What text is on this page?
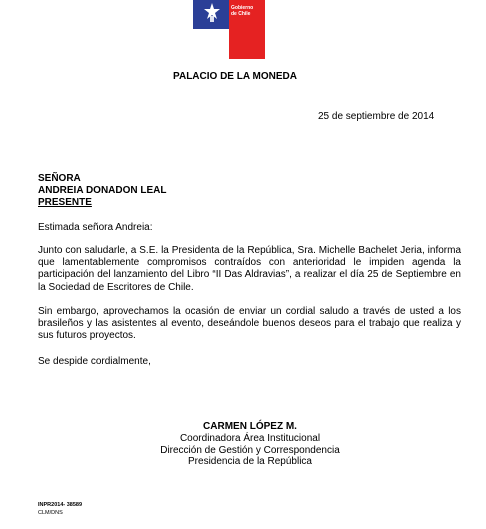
Gobierno
de Chile
PALACIO DE LA MONEDA
25 de septiembre de 2014
SEÑORA
ANDREIA DONADON LEAL
PRESENTE
Estimada señora Andreia:
Junto con saludarle, a S.E. la Presidenta de la República, Sra. Michelle Bachelet Jeria, informa que lamentablemente compromisos contraídos con anterioridad le impiden agenda la participación del lanzamiento del Libro “II Das Aldravias”, a realizar el día 25 de Septiembre en la Sociedad de Escritores de Chile.
Sin embargo, aprovechamos la ocasión de enviar un cordial saludo a través de usted a los brasileños y las asistentes al evento, deseándole buenos deseos para el trabajo que realiza y sus futuros proyectos.
Se despide cordialmente,
CARMEN LÓPEZ M.
Coordinadora Área Institucional
Dirección de Gestión y Correspondencia
Presidencia de la República
INPR2014- 38589
CLM/DNS
